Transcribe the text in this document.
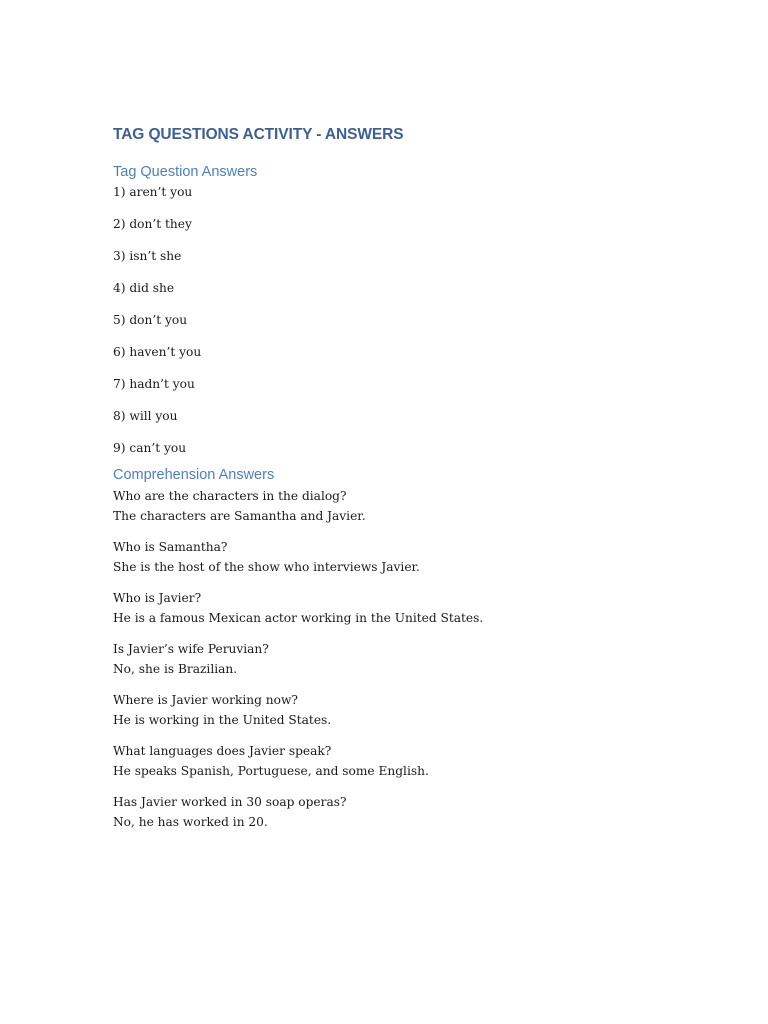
TAG QUESTIONS ACTIVITY - ANSWERS
Tag Question Answers
1) aren’t you
2) don’t they
3) isn’t she
4) did she
5) don’t you
6) haven’t you
7) hadn’t you
8) will you
9) can’t you
Comprehension Answers
Who are the characters in the dialog?
The characters are Samantha and Javier.
Who is Samantha?
She is the host of the show who interviews Javier.
Who is Javier?
He is a famous Mexican actor working in the United States.
Is Javier’s wife Peruvian?
No, she is Brazilian.
Where is Javier working now?
He is working in the United States.
What languages does Javier speak?
He speaks Spanish, Portuguese, and some English.
Has Javier worked in 30 soap operas?
No, he has worked in 20.
